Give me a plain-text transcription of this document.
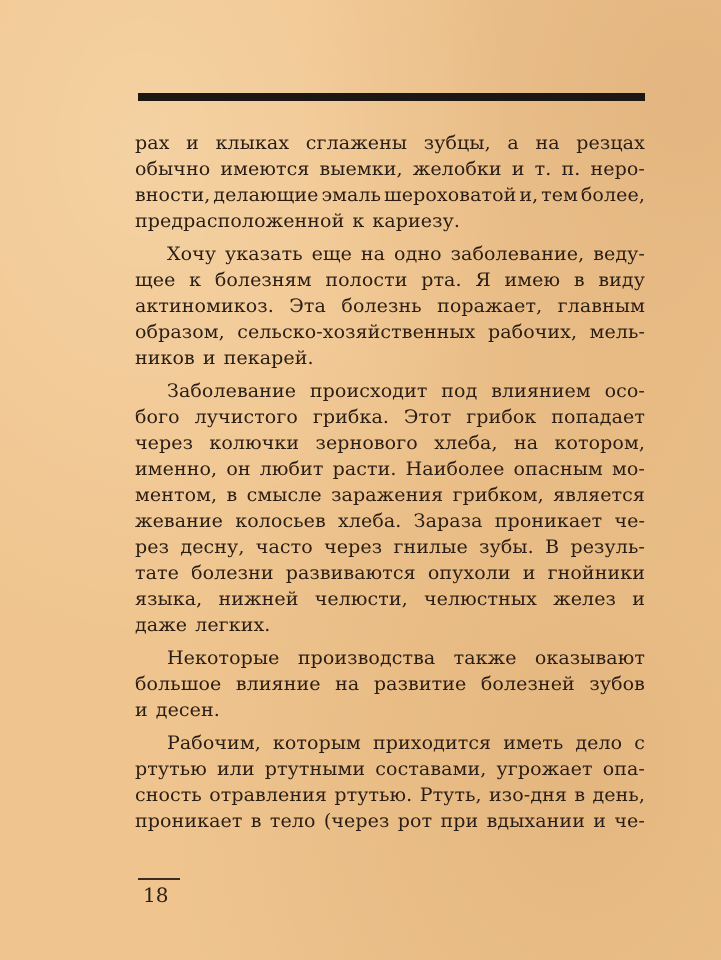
рах и клыках сглажены зубцы, а на резцах
обычно имеются выемки, желобки и т. п. неро-
вности, делающие эмаль шероховатой и, тем более,
предрасположенной к кариезу.
Хочу указать еще на одно заболевание, веду-
щее к болезням полости рта. Я имею в виду
актиномикоз. Эта болезнь поражает, главным
образом, сельско-хозяйственных рабочих, мель-
ников и пекарей.
Заболевание происходит под влиянием осо-
бого лучистого грибка. Этот грибок попадает
через колючки зернового хлеба, на котором,
именно, он любит расти. Наиболее опасным мо-
ментом, в смысле заражения грибком, является
жевание колосьев хлеба. Зараза проникает че-
рез десну, часто через гнилые зубы. В резуль-
тате болезни развиваются опухоли и гнойники
языка, нижней челюсти, челюстных желез и
даже легких.
Некоторые производства также оказывают
большое влияние на развитие болезней зубов
и десен.
Рабочим, которым приходится иметь дело с
ртутью или ртутными составами, угрожает опа-
сность отравления ртутью. Ртуть, изо-дня в день,
проникает в тело (через рот при вдыхании и че-
18
